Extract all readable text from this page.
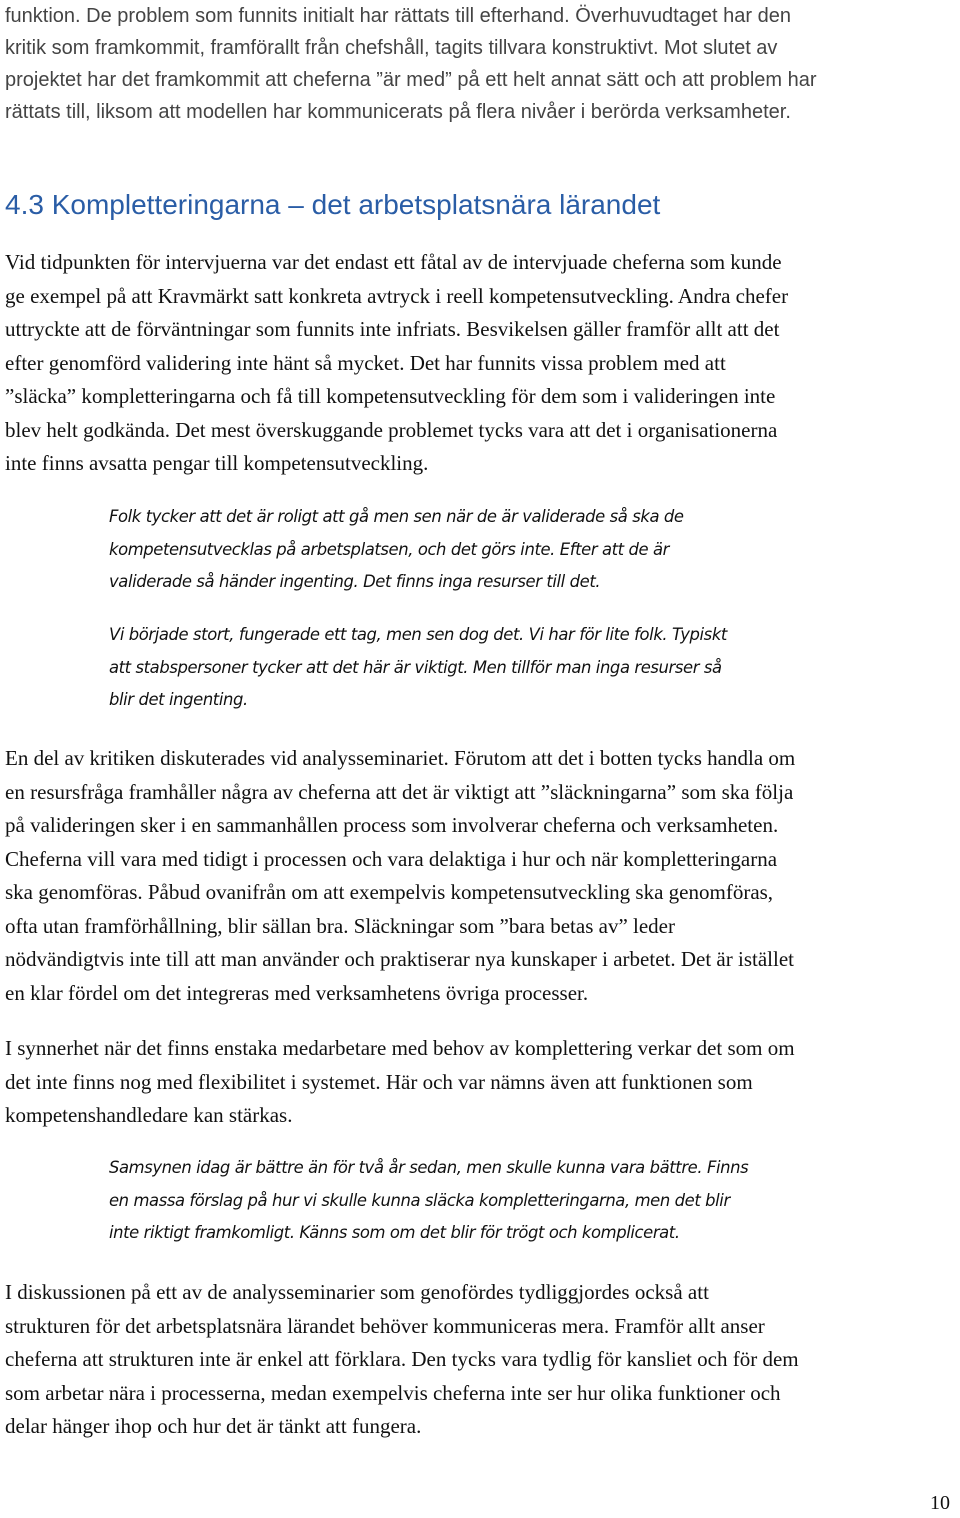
funktion. De problem som funnits initialt har rättats till efterhand. Överhuvudtaget har den
kritik som framkommit, framförallt från chefshåll, tagits tillvara konstruktivt. Mot slutet av
projektet har det framkommit att cheferna ”är med” på ett helt annat sätt och att problem har
rättats till, liksom att modellen har kommunicerats på flera nivåer i berörda verksamheter.

4.3 Kompletteringarna – det arbetsplatsnära lärandet

Vid tidpunkten för intervjuerna var det endast ett fåtal av de intervjuade cheferna som kunde
ge exempel på att Kravmärkt satt konkreta avtryck i reell kompetensutveckling. Andra chefer
uttryckte att de förväntningar som funnits inte infriats. Besvikelsen gäller framför allt att det
efter genomförd validering inte hänt så mycket. Det har funnits vissa problem med att
”släcka” kompletteringarna och få till kompetensutveckling för dem som i valideringen inte
blev helt godkända. Det mest överskuggande problemet tycks vara att det i organisationerna
inte finns avsatta pengar till kompetensutveckling.

Folk tycker att det är roligt att gå men sen när de är validerade så ska de
kompetensutvecklas på arbetsplatsen, och det görs inte. Efter att de är
validerade så händer ingenting. Det finns inga resurser till det.
Vi började stort, fungerade ett tag, men sen dog det. Vi har för lite folk. Typiskt
att stabspersoner tycker att det här är viktigt. Men tillför man inga resurser så
blir det ingenting.

En del av kritiken diskuterades vid analysseminariet. Förutom att det i botten tycks handla om
en resursfråga framhåller några av cheferna att det är viktigt att ”släckningarna” som ska följa
på valideringen sker i en sammanhållen process som involverar cheferna och verksamheten.
Cheferna vill vara med tidigt i processen och vara delaktiga i hur och när kompletteringarna
ska genomföras. Påbud ovanifrån om att exempelvis kompetensutveckling ska genomföras,
ofta utan framförhållning, blir sällan bra. Släckningar som ”bara betas av” leder
nödvändigtvis inte till att man använder och praktiserar nya kunskaper i arbetet. Det är istället
en klar fördel om det integreras med verksamhetens övriga processer.

I synnerhet när det finns enstaka medarbetare med behov av komplettering verkar det som om
det inte finns nog med flexibilitet i systemet. Här och var nämns även att funktionen som
kompetenshandledare kan stärkas.

Samsynen idag är bättre än för två år sedan, men skulle kunna vara bättre. Finns
en massa förslag på hur vi skulle kunna släcka kompletteringarna, men det blir
inte riktigt framkomligt. Känns som om det blir för trögt och komplicerat.

I diskussionen på ett av de analysseminarier som genofördes tydliggjordes också att
strukturen för det arbetsplatsnära lärandet behöver kommuniceras mera. Framför allt anser
cheferna att strukturen inte är enkel att förklara. Den tycks vara tydlig för kansliet och för dem
som arbetar nära i processerna, medan exempelvis cheferna inte ser hur olika funktioner och
delar hänger ihop och hur det är tänkt att fungera.

10
